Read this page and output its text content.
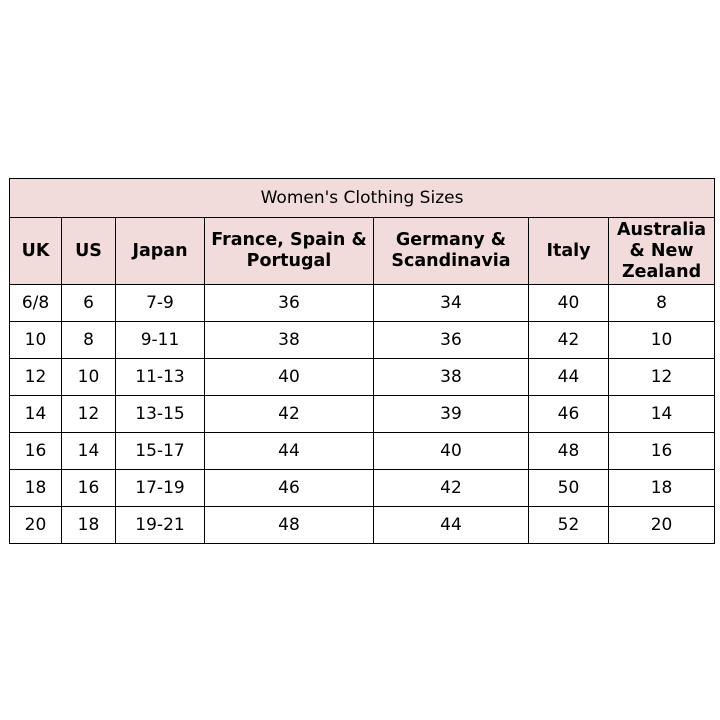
Women's Clothing Sizes						
UK	US	Japan	France, Spain & Portugal	Germany & Scandinavia	Italy	Australia & New Zealand
6/8	6	7-9	36	34	40	8
10	8	9-11	38	36	42	10
12	10	11-13	40	38	44	12
14	12	13-15	42	39	46	14
16	14	15-17	44	40	48	16
18	16	17-19	46	42	50	18
20	18	19-21	48	44	52	20
